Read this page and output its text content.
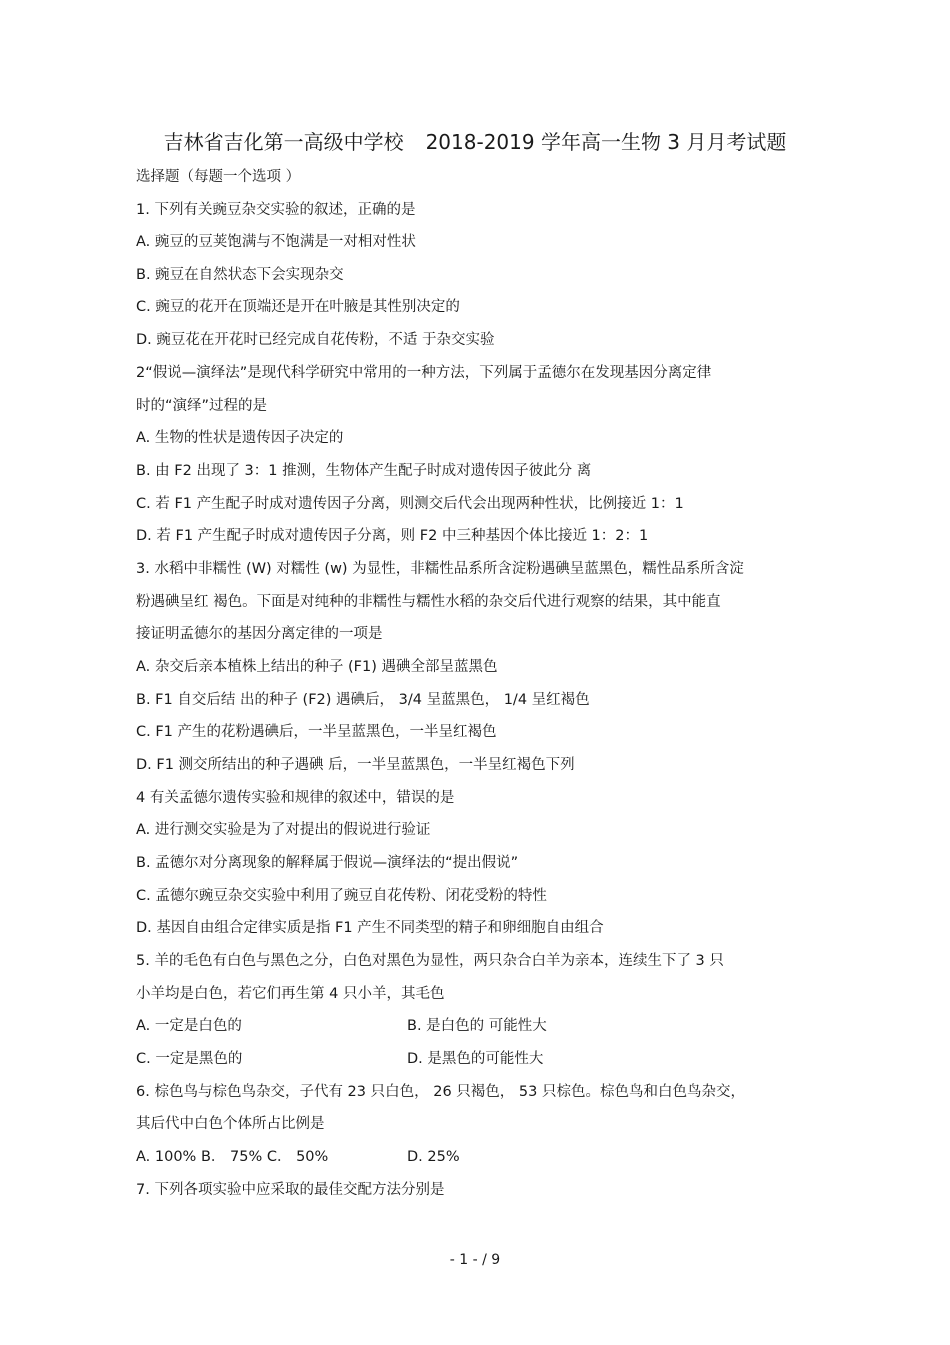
吉林省吉化第一高级中学校 2018-2019 学年高一生物 3 月月考试题
选择题（每题一个选项 ）
1. 下列有关豌豆杂交实验的叙述，正确的是
A. 豌豆的豆荚饱满与不饱满是一对相对性状
B. 豌豆在自然状态下会实现杂交
C. 豌豆的花开在顶端还是开在叶腋是其性别决定的
D. 豌豆花在开花时已经完成自花传粉，不适 于杂交实验
2“假说—演绎法”是现代科学研究中常用的一种方法，下列属于孟德尔在发现基因分离定律
时的“演绎”过程的是
A. 生物的性状是遗传因子决定的
B. 由 F2 出现了 3：1 推测，生物体产生配子时成对遗传因子彼此分 离
C. 若 F1 产生配子时成对遗传因子分离，则测交后代会出现两种性状，比例接近 1：1
D. 若 F1 产生配子时成对遗传因子分离，则 F2 中三种基因个体比接近 1：2：1
3. 水稻中非糯性 (W) 对糯性 (w) 为显性，非糯性品系所含淀粉遇碘呈蓝黑色，糯性品系所含淀
粉遇碘呈红 褐色。下面是对纯种的非糯性与糯性水稻的杂交后代进行观察的结果，其中能直
接证明孟德尔的基因分离定律的一项是
A. 杂交后亲本植株上结出的种子 (F1) 遇碘全部呈蓝黑色
B. F1 自交后结 出的种子 (F2) 遇碘后， 3/4 呈蓝黑色， 1/4 呈红褐色
C. F1 产生的花粉遇碘后，一半呈蓝黑色，一半呈红褐色
D. F1 测交所结出的种子遇碘 后，一半呈蓝黑色，一半呈红褐色下列
4 有关孟德尔遗传实验和规律的叙述中，错误的是
A. 进行测交实验是为了对提出的假说进行验证
B. 孟德尔对分离现象的解释属于假说—演绎法的“提出假说”
C. 孟德尔豌豆杂交实验中利用了豌豆自花传粉、闭花受粉的特性
D. 基因自由组合定律实质是指 F1 产生不同类型的精子和卵细胞自由组合
5. 羊的毛色有白色与黑色之分，白色对黑色为显性，两只杂合白羊为亲本，连续生下了 3 只
小羊均是白色，若它们再生第 4 只小羊，其毛色
A. 一定是白色的	B. 是白色的 可能性大
C. 一定是黑色的	D. 是黑色的可能性大
6. 棕色鸟与棕色鸟杂交，子代有 23 只白色， 26 只褐色， 53 只棕色。棕色鸟和白色鸟杂交，
其后代中白色个体所占比例是
A. 100% B． 75% C． 50%	D. 25%
7. 下列各项实验中应采取的最佳交配方法分别是
- 1 - / 9
